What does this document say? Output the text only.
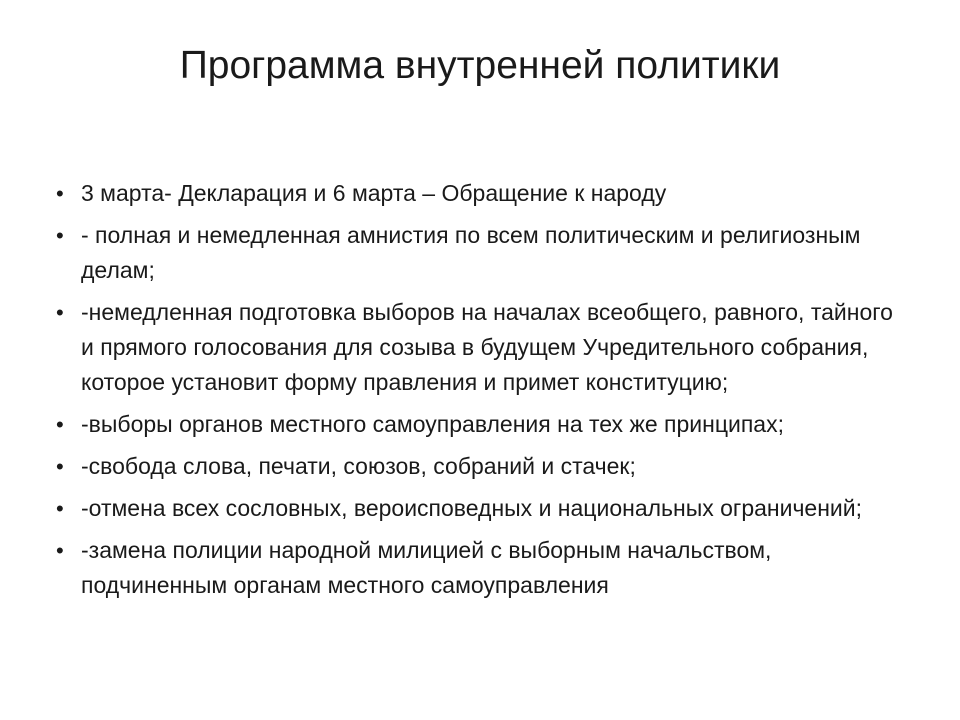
Программа внутренней политики
• 3 марта- Декларация и 6 марта – Обращение к народу
• - полная и немедленная амнистия по всем политическим и религиозным делам;
• -немедленная подготовка выборов на началах всеобщего, равного, тайного и прямого голосования для созыва в будущем Учредительного собрания, которое установит форму правления и примет конституцию;
• -выборы органов местного самоуправления на тех же принципах;
• -свобода слова, печати, союзов, собраний и стачек;
• -отмена всех сословных, вероисповедных и национальных ограничений;
• -замена полиции народной милицией с выборным начальством, подчиненным органам местного самоуправления
